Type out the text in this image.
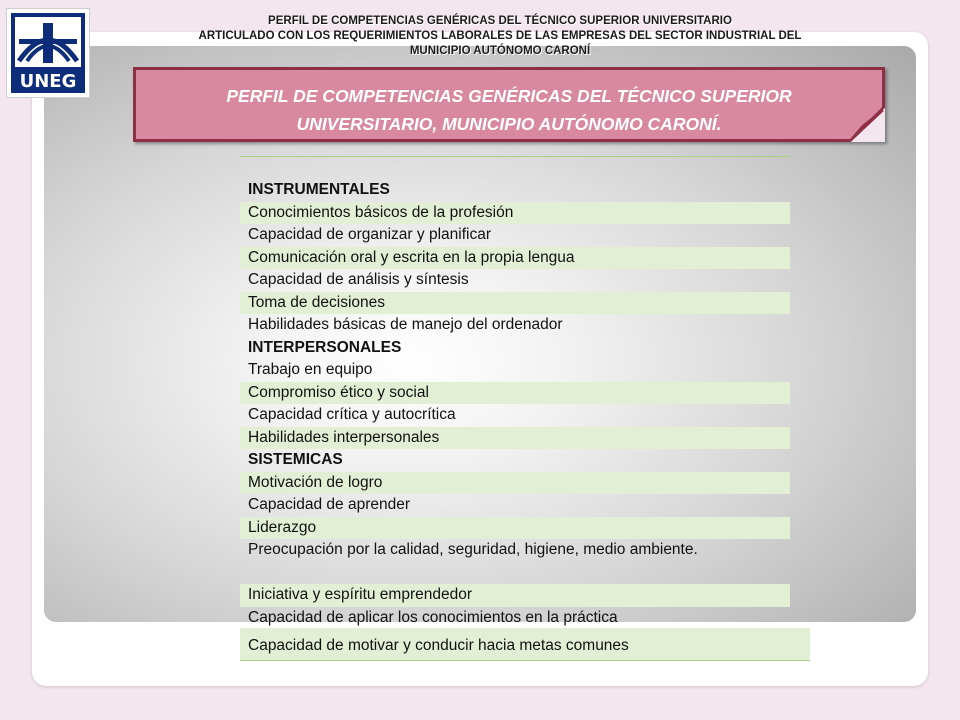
UNEG
PERFIL DE COMPETENCIAS GENÉRICAS DEL TÉCNICO SUPERIOR UNIVERSITARIO
ARTICULADO CON LOS REQUERIMIENTOS LABORALES DE LAS EMPRESAS DEL SECTOR INDUSTRIAL DEL
MUNICIPIO AUTÓNOMO CARONÍ
PERFIL DE COMPETENCIAS GENÉRICAS DEL TÉCNICO SUPERIOR
UNIVERSITARIO, MUNICIPIO AUTÓNOMO CARONÍ.
INSTRUMENTALES
Conocimientos básicos de la profesión
Capacidad de organizar y planificar
Comunicación oral y escrita en la propia lengua
Capacidad de análisis y síntesis
Toma de decisiones
Habilidades básicas de manejo del ordenador
INTERPERSONALES
Trabajo en equipo
Compromiso ético y social
Capacidad crítica y autocrítica
Habilidades interpersonales
SISTEMICAS
Motivación de logro
Capacidad de aprender
Liderazgo
Preocupación por la calidad, seguridad, higiene, medio ambiente.
Iniciativa y espíritu emprendedor
Capacidad de aplicar los conocimientos en la práctica
Capacidad de motivar y conducir hacia metas comunes
